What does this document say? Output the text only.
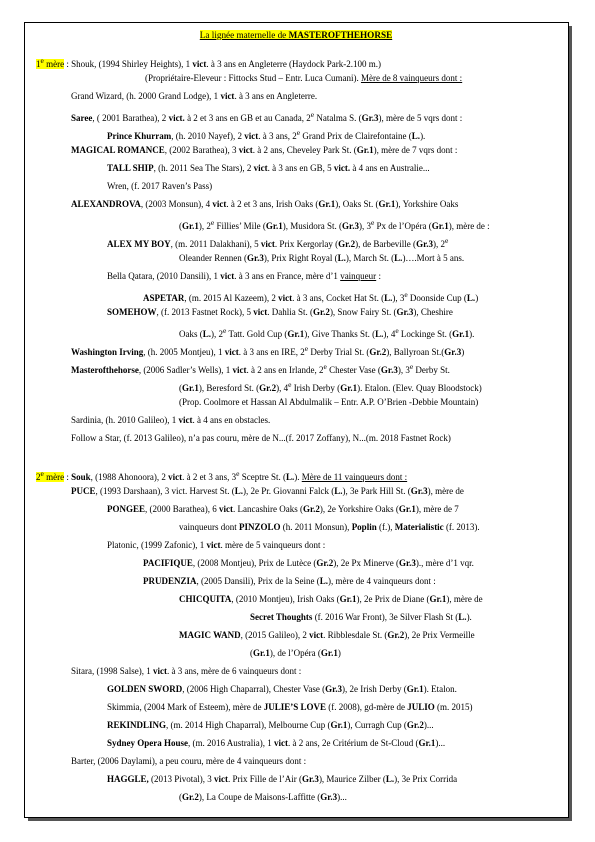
La lignée maternelle de MASTEROFTHEHORSE
1e mère : Shouk, (1994 Shirley Heights), 1 vict. à 3 ans en Angleterre (Haydock Park-2.100 m.)
(Propriétaire-Eleveur : Fittocks Stud – Entr. Luca Cumani). Mère de 8 vainqueurs dont :
Grand Wizard, (h. 2000 Grand Lodge), 1 vict. à 3 ans en Angleterre.
Saree, ( 2001 Barathea), 2 vict. à 2 et 3 ans en GB et au Canada, 2e Natalma S. (Gr.3), mère de 5 vqrs dont :
Prince Khurram, (h. 2010 Nayef), 2 vict. à 3 ans, 2e Grand Prix de Clairefontaine (L.).
MAGICAL ROMANCE, (2002 Barathea), 3 vict. à 2 ans, Cheveley Park St. (Gr.1), mère de 7 vqrs dont :
TALL SHIP, (h. 2011 Sea The Stars), 2 vict. à 3 ans en GB, 5 vict. à 4 ans en Australie...
Wren, (f. 2017 Raven’s Pass)
ALEXANDROVA, (2003 Monsun), 4 vict. à 2 et 3 ans, Irish Oaks (Gr.1), Oaks St. (Gr.1), Yorkshire Oaks
(Gr.1), 2e Fillies’ Mile (Gr.1), Musidora St. (Gr.3), 3e Px de l’Opéra (Gr.1), mère de :
ALEX MY BOY, (m. 2011 Dalakhani), 5 vict. Prix Kergorlay (Gr.2), de Barbeville (Gr.3), 2e
Oleander Rennen (Gr.3), Prix Right Royal (L.), March St. (L.)….Mort à 5 ans.
Bella Qatara, (2010 Dansili), 1 vict. à 3 ans en France, mère d’1 vainqueur :
ASPETAR, (m. 2015 Al Kazeem), 2 vict. à 3 ans, Cocket Hat St. (L.), 3e Doonside Cup (L.)
SOMEHOW, (f. 2013 Fastnet Rock), 5 vict. Dahlia St. (Gr.2), Snow Fairy St. (Gr.3), Cheshire
Oaks (L.), 2e Tatt. Gold Cup (Gr.1), Give Thanks St. (L.), 4e Lockinge St. (Gr.1).
Washington Irving, (h. 2005 Montjeu), 1 vict. à 3 ans en IRE, 2e Derby Trial St. (Gr.2), Ballyroan St.(Gr.3)
Masterofthehorse, (2006 Sadler’s Wells), 1 vict. à 2 ans en Irlande, 2e Chester Vase (Gr.3), 3e Derby St.
(Gr.1), Beresford St. (Gr.2), 4e Irish Derby (Gr.1). Etalon. (Elev. Quay Bloodstock)
(Prop. Coolmore et Hassan Al Abdulmalik – Entr. A.P. O’Brien -Debbie Mountain)
Sardinia, (h. 2010 Galileo), 1 vict. à 4 ans en obstacles.
Follow a Star, (f. 2013 Galileo), n’a pas couru, mère de N...(f. 2017 Zoffany), N...(m. 2018 Fastnet Rock)
2e mère : Souk, (1988 Ahonoora), 2 vict. à 2 et 3 ans, 3e Sceptre St. (L.). Mère de 11 vainqueurs dont :
PUCE, (1993 Darshaan), 3 vict. Harvest St. (L.), 2e Pr. Giovanni Falck (L.), 3e Park Hill St. (Gr.3), mère de
PONGEE, (2000 Barathea), 6 vict. Lancashire Oaks (Gr.2), 2e Yorkshire Oaks (Gr.1), mère de 7
vainqueurs dont PINZOLO (h. 2011 Monsun), Poplin (f.), Materialistic (f. 2013).
Platonic, (1999 Zafonic), 1 vict. mère de 5 vainqueurs dont :
PACIFIQUE, (2008 Montjeu), Prix de Lutèce (Gr.2), 2e Px Minerve (Gr.3)., mère d’1 vqr.
PRUDENZIA, (2005 Dansili), Prix de la Seine (L.), mère de 4 vainqueurs dont :
CHICQUITA, (2010 Montjeu), Irish Oaks (Gr.1), 2e Prix de Diane (Gr.1), mère de
Secret Thoughts (f. 2016 War Front), 3e Silver Flash St (L.).
MAGIC WAND, (2015 Galileo), 2 vict. Ribblesdale St. (Gr.2), 2e Prix Vermeille
(Gr.1), de l’Opéra (Gr.1)
Sitara, (1998 Salse), 1 vict. à 3 ans, mère de 6 vainqueurs dont :
GOLDEN SWORD, (2006 High Chaparral), Chester Vase (Gr.3), 2e Irish Derby (Gr.1). Etalon.
Skimmia, (2004 Mark of Esteem), mère de JULIE’S LOVE (f. 2008), gd-mère de JULIO (m. 2015)
REKINDLING, (m. 2014 High Chaparral), Melbourne Cup (Gr.1), Curragh Cup (Gr.2)...
Sydney Opera House, (m. 2016 Australia), 1 vict. à 2 ans, 2e Critérium de St-Cloud (Gr.1)...
Barter, (2006 Daylami), a peu couru, mère de 4 vainqueurs dont :
HAGGLE, (2013 Pivotal), 3 vict. Prix Fille de l’Air (Gr.3), Maurice Zilber (L.), 3e Prix Corrida
(Gr.2), La Coupe de Maisons-Laffitte (Gr.3)...
